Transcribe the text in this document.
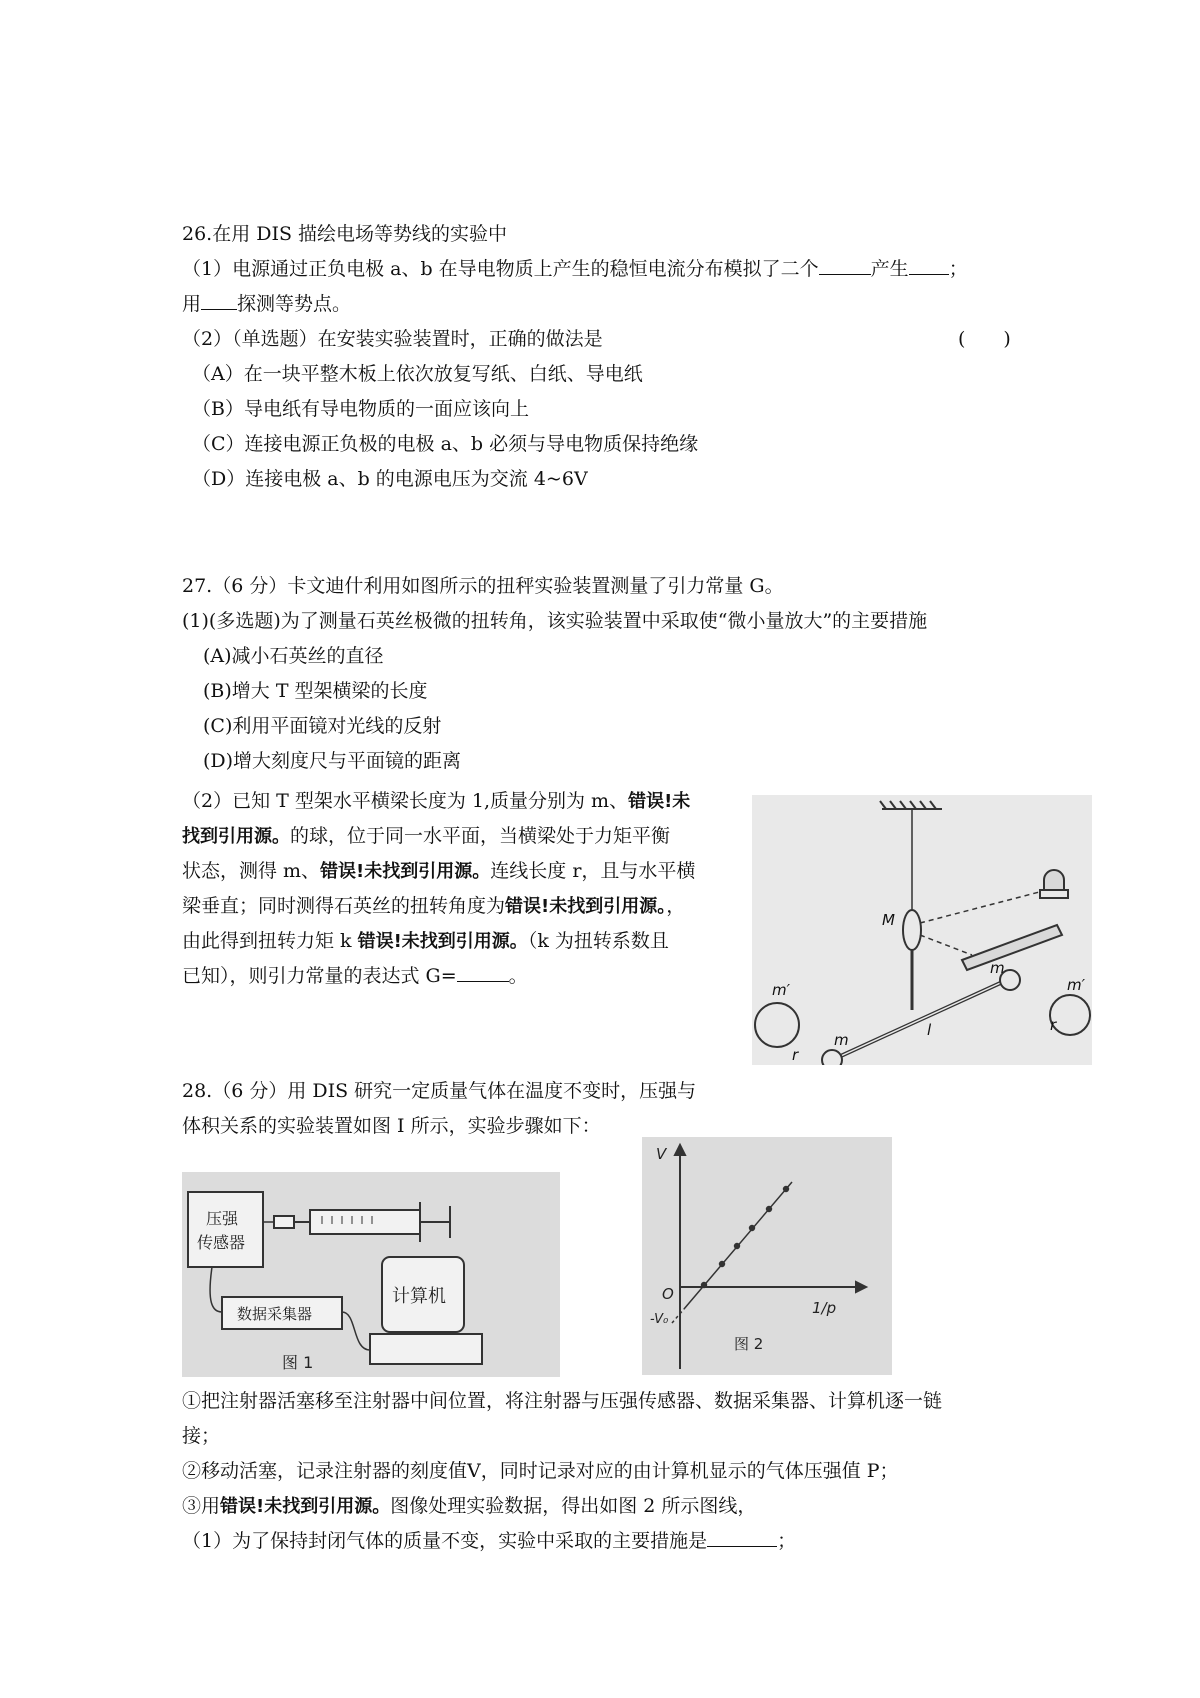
26.在用 DIS 描绘电场等势线的实验中
（1）电源通过正负电极 a、b 在导电物质上产生的稳恒电流分布模拟了二个	产生 ；
用 探测等势点。
（2）（单选题）在安装实验装置时，正确的做法是	(　　)
（A）在一块平整木板上依次放复写纸、白纸、导电纸
（B）导电纸有导电物质的一面应该向上
（C）连接电源正负极的电极 a、b 必须与导电物质保持绝缘
（D）连接电极 a、b 的电源电压为交流 4~6V
27.（6 分）卡文迪什利用如图所示的扭秤实验装置测量了引力常量 G。
(1)(多选题)为了测量石英丝极微的扭转角，该实验装置中采取使“微小量放大”的主要措施
(A)减小石英丝的直径
(B)增大 T 型架横梁的长度
(C)利用平面镜对光线的反射
(D)增大刻度尺与平面镜的距离
（2）已知 T 型架水平横梁长度为 1,质量分别为 m、错误!未
找到引用源。的球，位于同一水平面，当横梁处于力矩平衡
状态，测得 m、错误!未找到引用源。连线长度 r，且与水平横
梁垂直；同时测得石英丝的扭转角度为错误!未找到引用源。，
由此得到扭转力矩 k 错误!未找到引用源。（k 为扭转系数且
已知），则引力常量的表达式 G=	。
M
m′
m
m
m′
r
l	r
28.（6 分）用 DIS 研究一定质量气体在温度不变时，压强与
体积关系的实验装置如图 I 所示，实验步骤如下：
压强
传感器
计算机
数据采集器
图 1
V
O
-V₀
1/p
图 2
①把注射器活塞移至注射器中间位置，将注射器与压强传感器、数据采集器、计算机逐一链
接；
②移动活塞，记录注射器的刻度值V，同时记录对应的由计算机显示的气体压强值 P；
③用错误!未找到引用源。图像处理实验数据，得出如图 2 所示图线，
（1）为了保持封闭气体的质量不变，实验中采取的主要措施是	；
